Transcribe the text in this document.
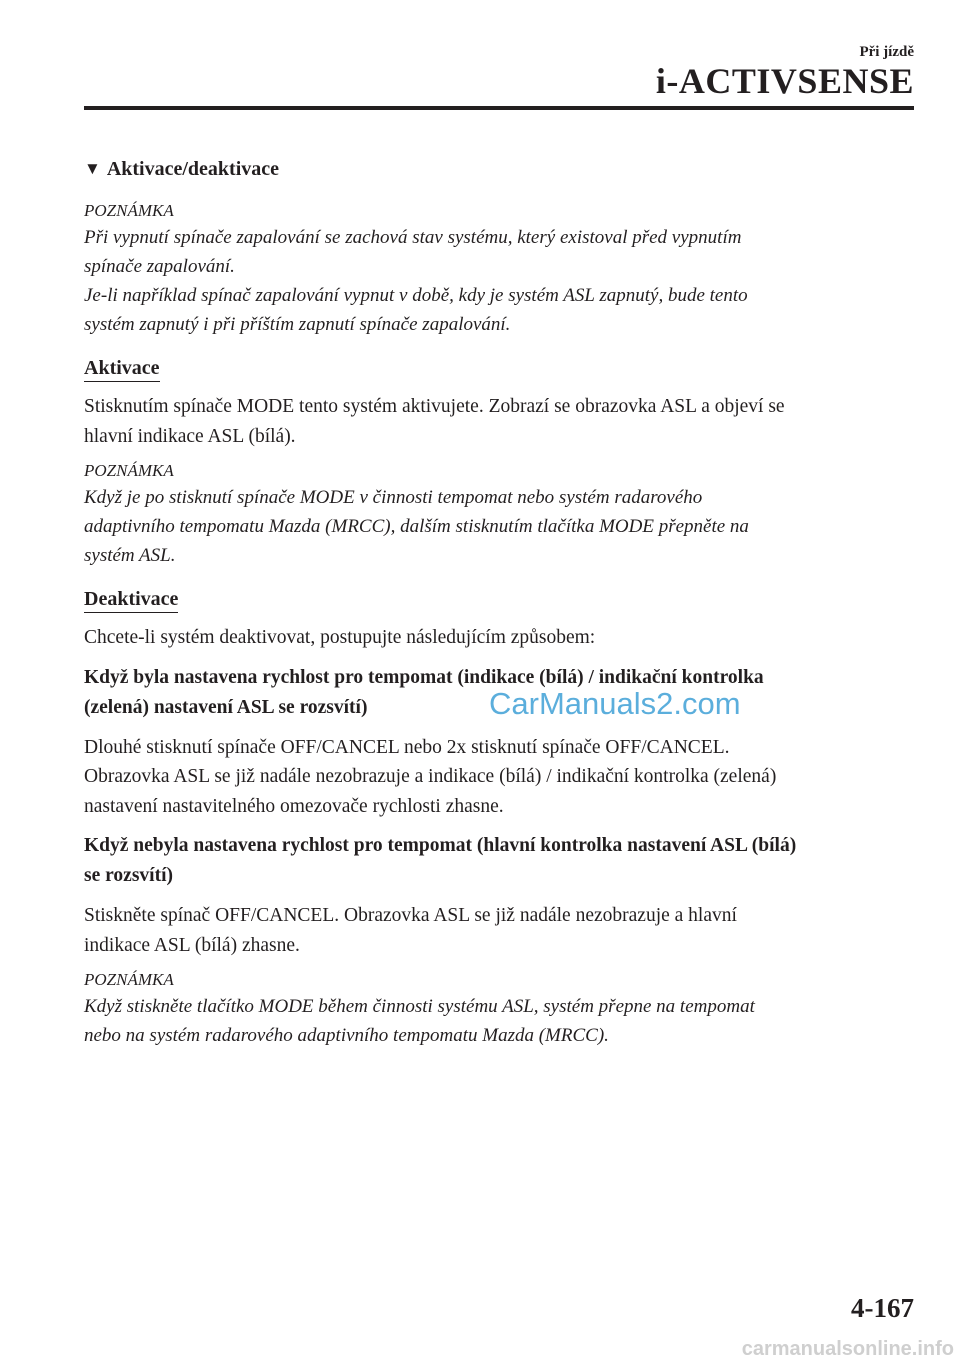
Při jízdě
i-ACTIVSENSE
▼ Aktivace/deaktivace

POZNÁMKA

Při vypnutí spínače zapalování se zachová stav systému, který existoval před vypnutím
spínače zapalování.
Je-li například spínač zapalování vypnut v době, kdy je systém ASL zapnutý, bude tento
systém zapnutý i při příštím zapnutí spínače zapalování.
Aktivace
Stisknutím spínače MODE tento systém aktivujete. Zobrazí se obrazovka ASL a objeví se
hlavní indikace ASL (bílá).

POZNÁMKA

Když je po stisknutí spínače MODE v činnosti tempomat nebo systém radarového
adaptivního tempomatu Mazda (MRCC), dalším stisknutím tlačítka MODE přepněte na
systém ASL.
Deaktivace
Chcete-li systém deaktivovat, postupujte následujícím způsobem:
Když byla nastavena rychlost pro tempomat (indikace (bílá) / indikační kontrolka
(zelená) nastavení ASL se rozsvítí)
Dlouhé stisknutí spínače OFF/CANCEL nebo 2x stisknutí spínače OFF/CANCEL.
Obrazovka ASL se již nadále nezobrazuje a indikace (bílá) / indikační kontrolka (zelená)
nastavení nastavitelného omezovače rychlosti zhasne.
Když nebyla nastavena rychlost pro tempomat (hlavní kontrolka nastavení ASL (bílá)
se rozsvítí)
Stiskněte spínač OFF/CANCEL. Obrazovka ASL se již nadále nezobrazuje a hlavní
indikace ASL (bílá) zhasne.

POZNÁMKA

Když stiskněte tlačítko MODE během činnosti systému ASL, systém přepne na tempomat
nebo na systém radarového adaptivního tempomatu Mazda (MRCC).
CarManuals2.com
4-167
carmanualsonline.info
